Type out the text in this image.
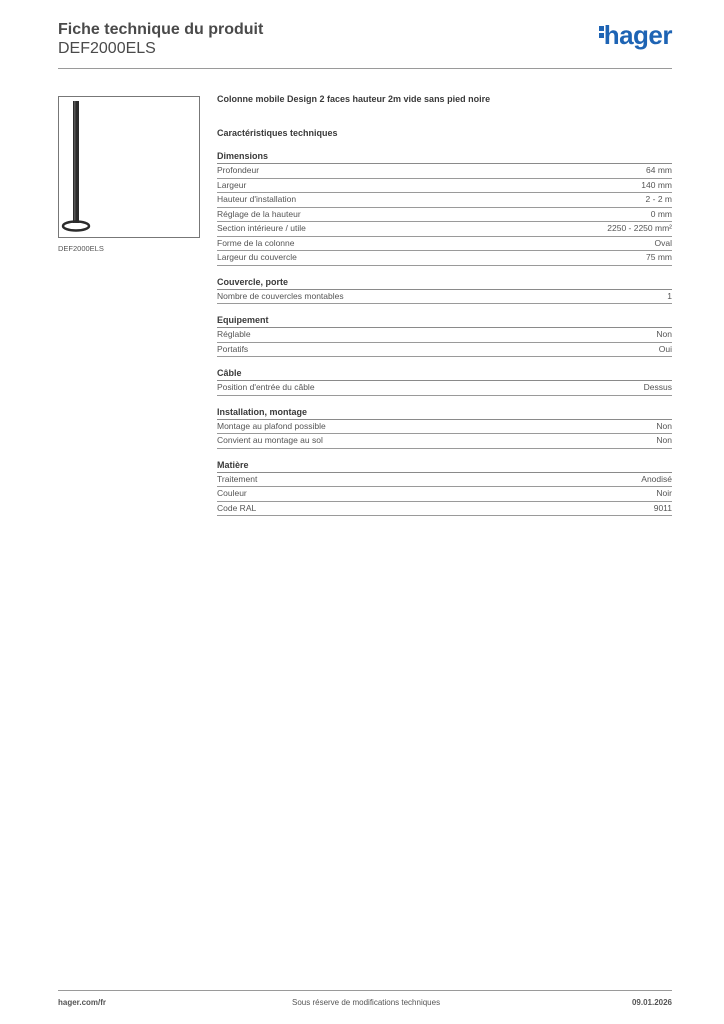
Fiche technique du produit
DEF2000ELS	hager
DEF2000ELS
Colonne mobile Design 2 faces hauteur 2m vide sans pied noire
Caractéristiques techniques
Dimensions
Profondeur	64 mm
Largeur	140 mm
Hauteur d'installation	2 - 2 m
Réglage de la hauteur	0 mm
Section intérieure / utile	2250 - 2250 mm²
Forme de la colonne	Oval
Largeur du couvercle	75 mm
Couvercle, porte
Nombre de couvercles montables	1
Equipement
Réglable	Non
Portatifs	Oui
Câble
Position d'entrée du câble	Dessus
Installation, montage
Montage au plafond possible	Non
Convient au montage au sol	Non
Matière
Traitement	Anodisé
Couleur	Noir
Code RAL	9011
hager.com/fr	Sous réserve de modifications techniques	09.01.2026
